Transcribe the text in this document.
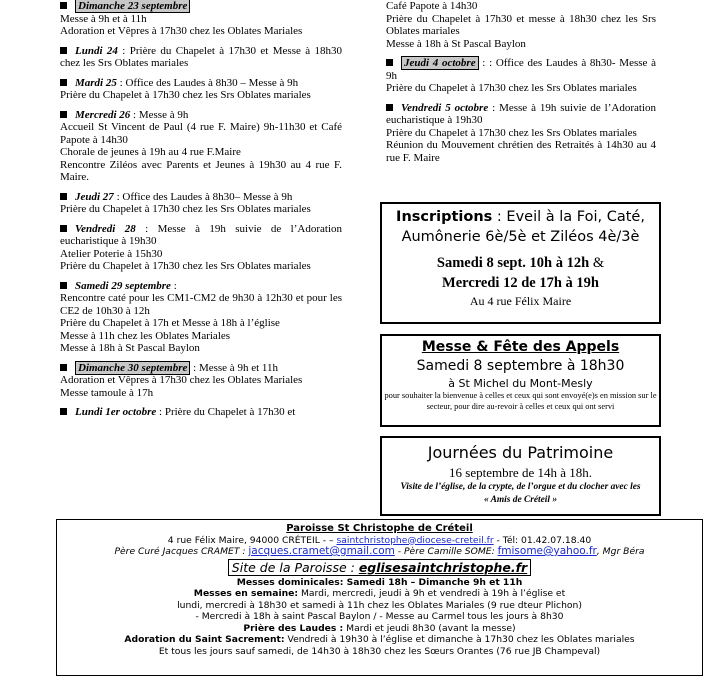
Dimanche 23 septembre
Messe à 9h et à 11h
Adoration et Vêpres à 17h30 chez les Oblates Mariales
Lundi 24 : Prière du Chapelet à 17h30 et Messe à 18h30 chez les Srs Oblates mariales
Mardi 25 : Office des Laudes à 8h30 – Messe à 9h
Prière du Chapelet à 17h30 chez les Srs Oblates mariales
Mercredi 26 : Messe à 9h
Accueil St Vincent de Paul (4 rue F. Maire) 9h-11h30 et Café Papote à 14h30
Chorale de jeunes à 19h au 4 rue F.Maire
Rencontre Ziléos avec Parents et Jeunes à 19h30 au 4 rue F. Maire.
Jeudi 27 : Office des Laudes à 8h30– Messe à 9h
Prière du Chapelet à 17h30 chez les Srs Oblates mariales
Vendredi 28 : Messe à 19h suivie de l’Adoration eucharistique à 19h30
Atelier Poterie à 15h30
Prière du Chapelet à 17h30 chez les Srs Oblates mariales
Samedi 29 septembre :
Rencontre caté pour les CM1-CM2 de 9h30 à 12h30 et pour les CE2 de 10h30 à 12h
Prière du Chapelet à 17h et Messe à 18h à l’église
Messe à 11h chez les Oblates Mariales
Messe à 18h à St Pascal Baylon
Dimanche 30 septembre : Messe à 9h et 11h
Adoration et Vêpres à 17h30 chez les Oblates Mariales
Messe tamoule à 17h
Lundi 1er octobre : Prière du Chapelet à 17h30 et
Café Papote à 14h30
Prière du Chapelet à 17h30 et messe à 18h30 chez les Srs Oblates mariales
Messe à 18h à St Pascal Baylon
Jeudi 4 octobre : : Office des Laudes à 8h30- Messe à 9h
Prière du Chapelet à 17h30 chez les Srs Oblates mariales
Vendredi 5 octobre : Messe à 19h suivie de l’Adoration eucharistique à 19h30
Prière du Chapelet à 17h30 chez les Srs Oblates mariales
Réunion du Mouvement chrétien des Retraités à 14h30 au 4 rue F. Maire
Inscriptions : Eveil à la Foi, Caté, Aumônerie 6è/5è et Ziléos 4è/3è
Samedi 8 sept. 10h à 12h &
Mercredi 12 de 17h à 19h
Au 4 rue Félix Maire
Messe & Fête des Appels
Samedi 8 septembre à 18h30
à St Michel du Mont-Mesly
pour souhaiter la bienvenue à celles et ceux qui sont envoyé(e)s en mission sur le secteur, pour dire au-revoir à celles et ceux qui ont servi
Journées du Patrimoine
16 septembre de 14h à 18h.
Visite de l’église, de la crypte, de l’orgue et du clocher avec les « Amis de Créteil »
Paroisse St Christophe de Créteil
4 rue Félix Maire, 94000 CRÉTEIL - – saintchristophe@diocese-creteil.fr - Tél: 01.42.07.18.40
Père Curé Jacques CRAMET : jacques.cramet@gmail.com - Père Camille SOME: fmisome@yahoo.fr, Mgr Béra
Site de la Paroisse : eglisesaintchristophe.fr
Messes dominicales: Samedi 18h – Dimanche 9h et 11h
Messes en semaine: Mardi, mercredi, jeudi à 9h et vendredi à 19h à l’église et
lundi, mercredi à 18h30 et samedi à 11h chez les Oblates Mariales (9 rue dteur Plichon)
- Mercredi à 18h à saint Pascal Baylon / - Messe au Carmel tous les jours à 8h30
Prière des Laudes : Mardi et jeudi 8h30 (avant la messe)
Adoration du Saint Sacrement: Vendredi à 19h30 à l’église et dimanche à 17h30 chez les Oblates mariales
Et tous les jours sauf samedi, de 14h30 à 18h30 chez les Sœurs Orantes (76 rue JB Champeval)
